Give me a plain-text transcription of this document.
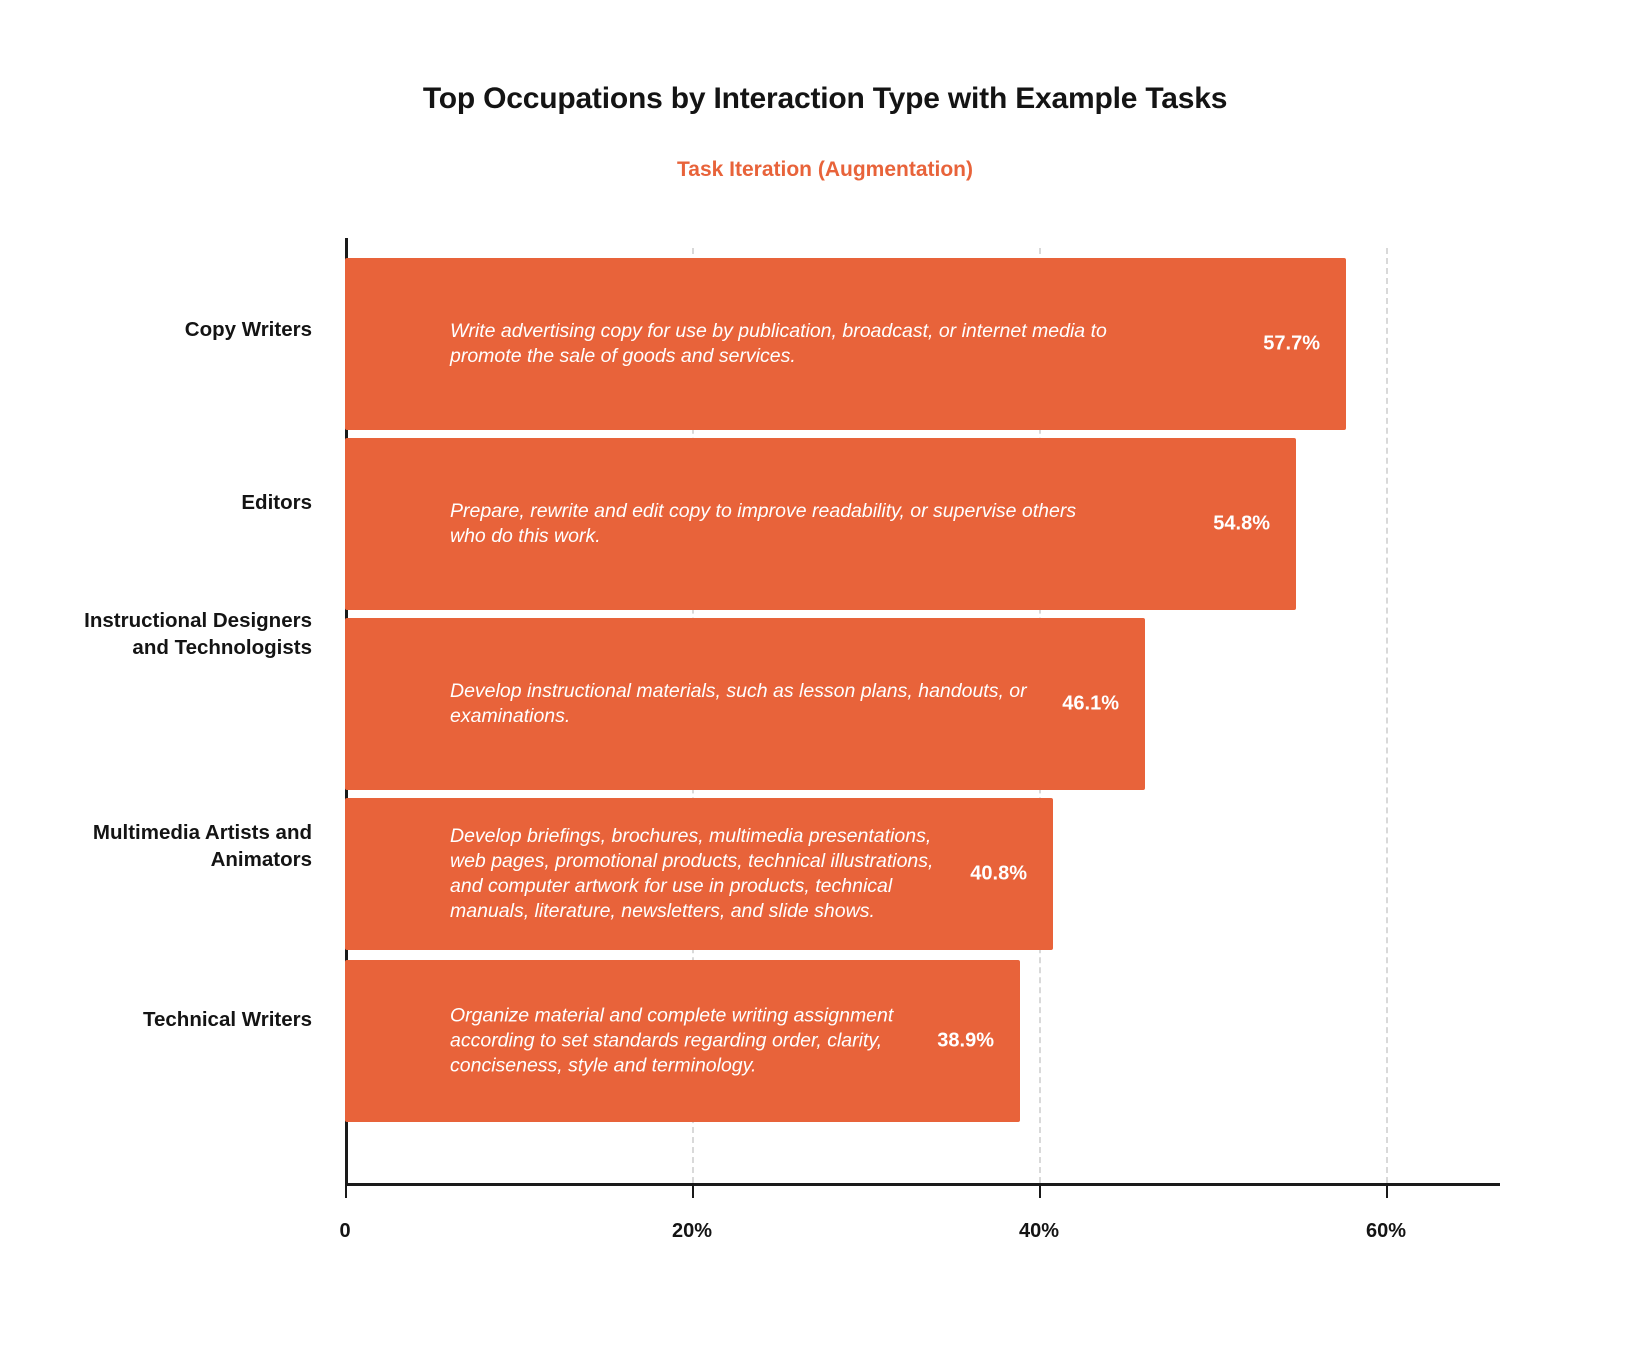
Top Occupations by Interaction Type with Example Tasks
Task Iteration (Augmentation)
Copy Writers
Editors
Instructional Designers and Technologists
Multimedia Artists and Animators
Technical Writers
0	20%	40%	60%
Write advertising copy for use by publication, broadcast, or internet media to promote the sale of goods and services.
57.7%
Prepare, rewrite and edit copy to improve readability, or supervise others who do this work.
54.8%
Develop instructional materials, such as lesson plans, handouts, or examinations.
46.1%
Develop briefings, brochures, multimedia presentations, web pages, promotional products, technical illustrations, and computer artwork for use in products, technical manuals, literature, newsletters, and slide shows.
40.8%
Organize material and complete writing assignment according to set standards regarding order, clarity, conciseness, style and terminology.
38.9%
